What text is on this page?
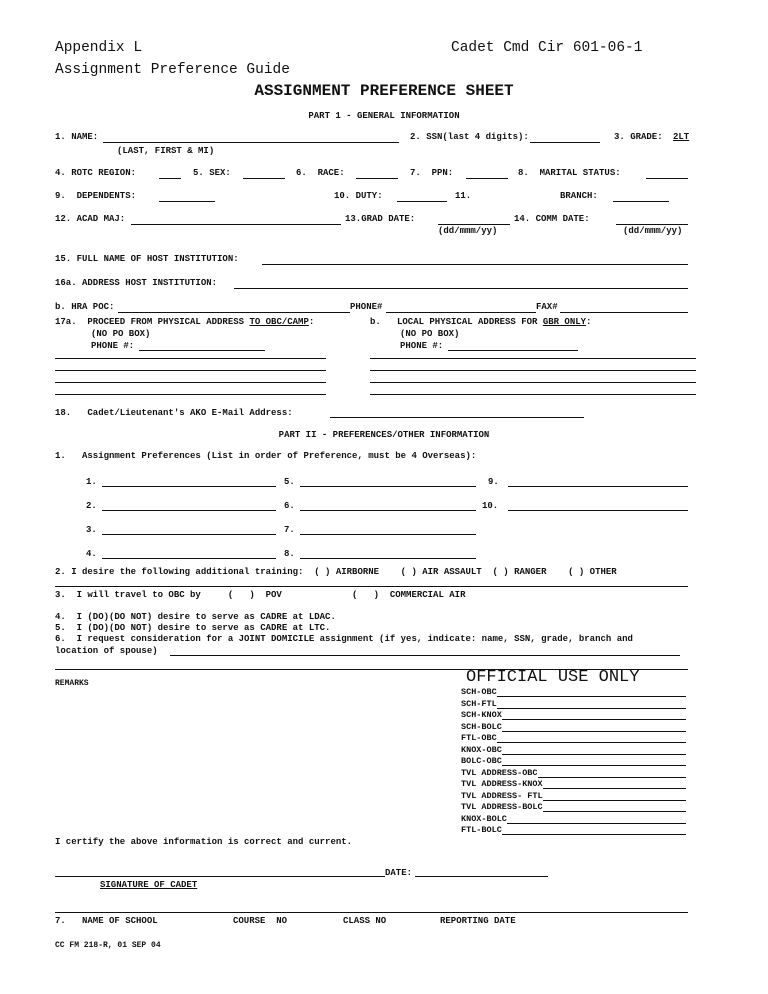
Appendix L
Assignment Preference Guide
Cadet Cmd Cir 601-06-1
ASSIGNMENT PREFERENCE SHEET
PART 1 - GENERAL INFORMATION
1. NAME:
(LAST, FIRST & MI)
2. SSN(last 4 digits):	3. GRADE: 2LT
4. ROTC REGION:	5. SEX:	6.  RACE:	7.  PPN:	8.  MARITAL STATUS:
9.  DEPENDENTS:	10. DUTY:	11.	BRANCH:
12. ACAD MAJ:	13.GRAD DATE:
(dd/mmm/yy)
14. COMM DATE:
(dd/mmm/yy)
15. FULL NAME OF HOST INSTITUTION:
16a. ADDRESS HOST INSTITUTION:
b. HRA POC:	PHONE#	FAX#
17a.  PROCEED FROM PHYSICAL ADDRESS TO OBC/CAMP:
(NO PO BOX)
PHONE #:
b.   LOCAL PHYSICAL ADDRESS FOR GBR ONLY:
(NO PO BOX)
PHONE #:
18.   Cadet/Lieutenant's AKO E-Mail Address:
PART II - PREFERENCES/OTHER INFORMATION
1.   Assignment Preferences (List in order of Preference, must be 4 Overseas):
1.
2.
3.
4.
5.
6.
7.
8.
9.
10.
2. I desire the following additional training:  ( ) AIRBORNE    ( ) AIR ASSAULT  ( ) RANGER    ( ) OTHER
3.  I will travel to OBC by     (   )  POV             (   )  COMMERCIAL AIR
4.  I (DO)(DO NOT) desire to serve as CADRE at LDAC.
5.  I (DO)(DO NOT) desire to serve as CADRE at LTC.
6.  I request consideration for a JOINT DOMICILE assignment (if yes, indicate: name, SSN, grade, branch and
location of spouse)
REMARKS	OFFICIAL USE ONLY
SCH-OBC
SCH-FTL
SCH-KNOX
SCH-BOLC
FTL-OBC
KNOX-OBC
BOLC-OBC
TVL ADDRESS-OBC
TVL ADDRESS-KNOX
TVL ADDRESS- FTL
TVL ADDRESS-BOLC
KNOX-BOLC
FTL-BOLC
I certify the above information is correct and current.
DATE:
SIGNATURE OF CADET
7.   NAME OF SCHOOL	COURSE  NO	CLASS NO	REPORTING DATE
CC FM 218-R, 01 SEP 04
